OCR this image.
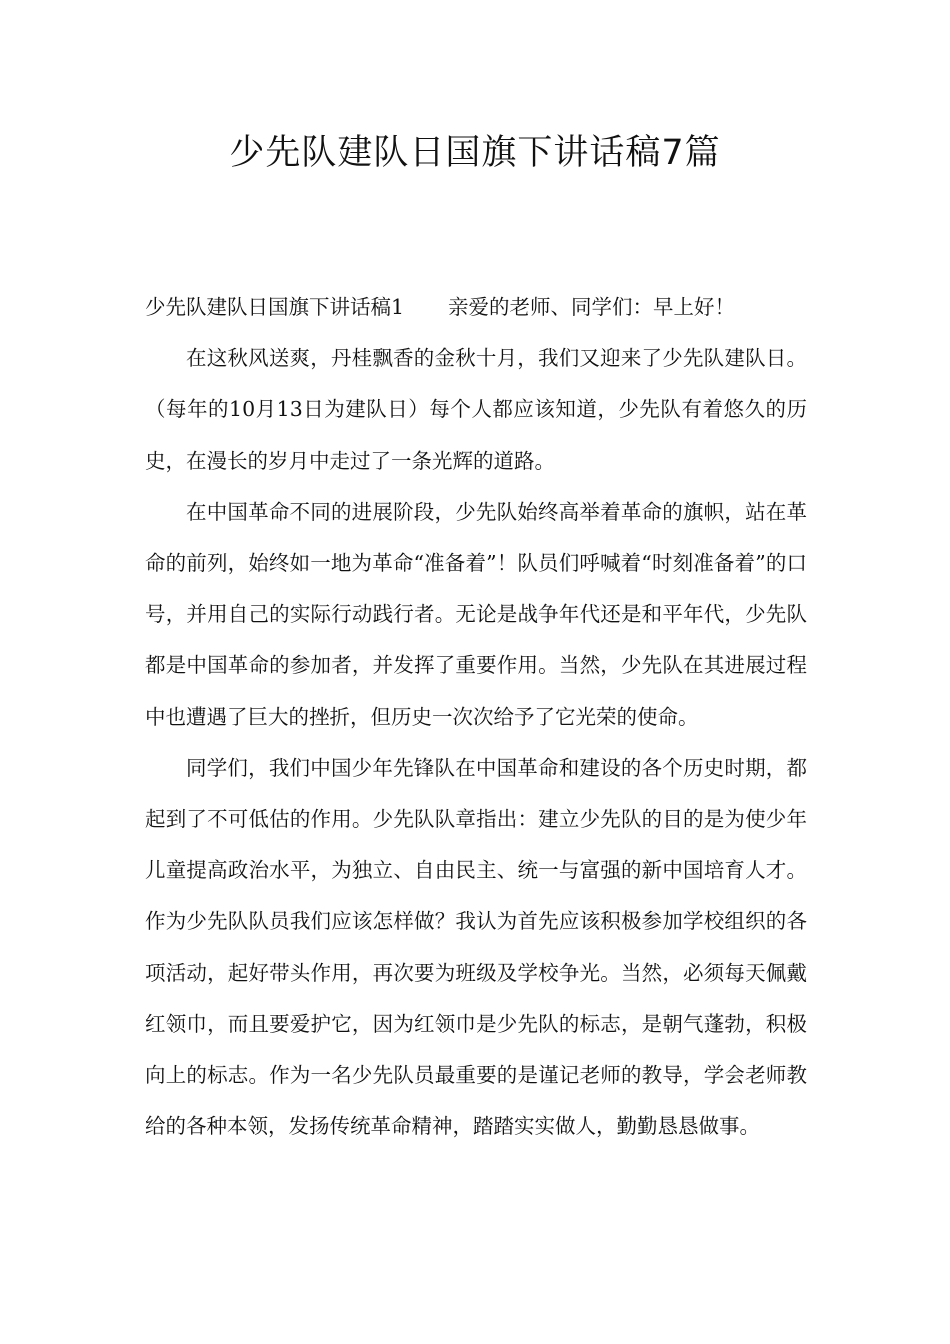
少先队建队日国旗下讲话稿7篇

少先队建队日国旗下讲话稿1 亲爱的老师、同学们：早上好！

在这秋风送爽，丹桂飘香的金秋十月，我们又迎来了少先队建队日。（每年的10月13日为建队日）每个人都应该知道，少先队有着悠久的历史，在漫长的岁月中走过了一条光辉的道路。

在中国革命不同的进展阶段，少先队始终高举着革命的旗帜，站在革命的前列，始终如一地为革命“准备着”！队员们呼喊着“时刻准备着”的口号，并用自己的实际行动践行者。无论是战争年代还是和平年代，少先队都是中国革命的参加者，并发挥了重要作用。当然，少先队在其进展过程中也遭遇了巨大的挫折，但历史一次次给予了它光荣的使命。

同学们，我们中国少年先锋队在中国革命和建设的各个历史时期，都起到了不可低估的作用。少先队队章指出：建立少先队的目的是为使少年儿童提高政治水平，为独立、自由民主、统一与富强的新中国培育人才。作为少先队队员我们应该怎样做？我认为首先应该积极参加学校组织的各项活动，起好带头作用，再次要为班级及学校争光。当然，必须每天佩戴红领巾，而且要爱护它，因为红领巾是少先队的标志，是朝气蓬勃，积极向上的标志。作为一名少先队员最重要的是谨记老师的教导，学会老师教给的各种本领，发扬传统革命精神，踏踏实实做人，勤勤恳恳做事。
